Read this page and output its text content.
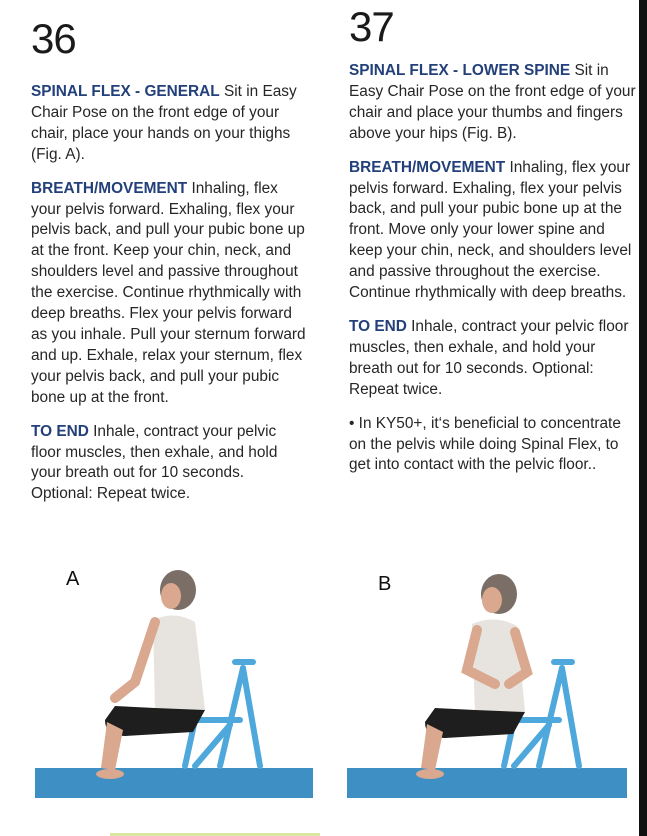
36

SPINAL FLEX - GENERAL Sit in Easy Chair Pose on the front edge of your chair, place your hands on your thighs (Fig. A).

BREATH/MOVEMENT Inhaling, flex your pelvis forward. Exhaling, flex your pelvis back, and pull your pubic bone up at the front. Keep your chin, neck, and shoulders level and passive throughout the exercise. Continue rhythmically with deep breaths. Flex your pelvis forward as you inhale. Pull your sternum forward and up. Exhale, relax your sternum, flex your pelvis back, and pull your pubic bone up at the front.

TO END Inhale, contract your pelvic floor muscles, then exhale, and hold your breath out for 10 seconds. Optional: Repeat twice.

37

SPINAL FLEX - LOWER SPINE Sit in Easy Chair Pose on the front edge of your chair and place your thumbs and fingers above your hips (Fig. B).

BREATH/MOVEMENT Inhaling, flex your pelvis forward. Exhaling, flex your pelvis back, and pull your pubic bone up at the front. Move only your lower spine and keep your chin, neck, and shoulders level and passive throughout the exercise. Continue rhythmically with deep breaths.

TO END Inhale, contract your pelvic floor muscles, then exhale, and hold your breath out for 10 seconds. Optional: Repeat twice.

• In KY50+, it‘s beneficial to concentrate on the pelvis while doing Spinal Flex, to get into contact with the pelvic floor..

A	B
